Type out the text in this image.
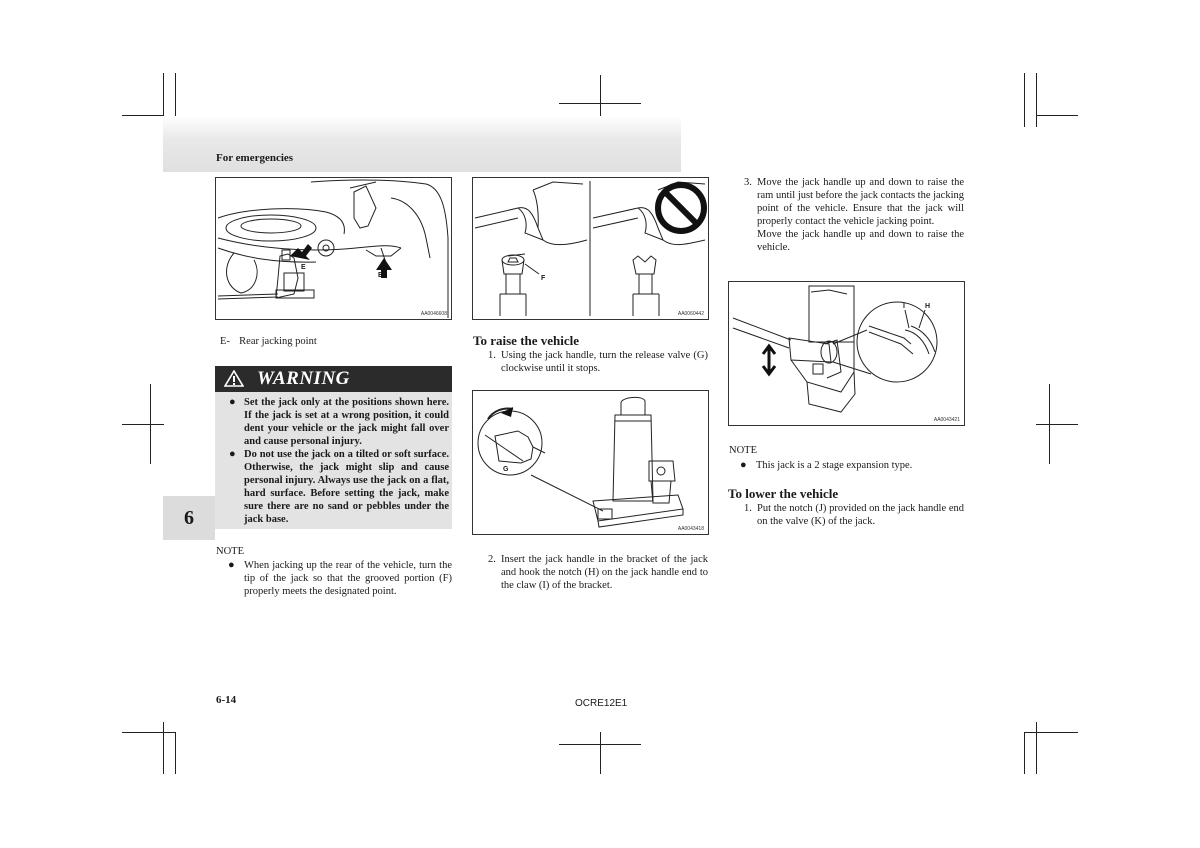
For emergencies
6
E
E
AA0046608
E- Rear jacking point
WARNING
● Set the jack only at the positions shown here. If the jack is set at a wrong position, it could dent your vehicle or the jack might fall over and cause personal injury.
● Do not use the jack on a tilted or soft surface. Otherwise, the jack might slip and cause personal injury. Always use the jack on a flat, hard surface. Before setting the jack, make sure there are no sand or pebbles under the jack base.
NOTE
● When jacking up the rear of the vehicle, turn the tip of the jack so that the grooved portion (F) properly meets the designated point.
F
AA0060442
To raise the vehicle
1. Using the jack handle, turn the release valve (G) clockwise until it stops.
G
AA0043418
2. Insert the jack handle in the bracket of the jack and hook the notch (H) on the jack handle end to the claw (I) of the bracket.
3. Move the jack handle up and down to raise the ram until just before the jack contacts the jacking point of the vehicle. Ensure that the jack will properly contact the vehicle jacking point.
Move the jack handle up and down to raise the vehicle.
I	H
AA0043421
NOTE
● This jack is a 2 stage expansion type.
To lower the vehicle
1. Put the notch (J) provided on the jack handle end on the valve (K) of the jack.
6-14	OCRE12E1
